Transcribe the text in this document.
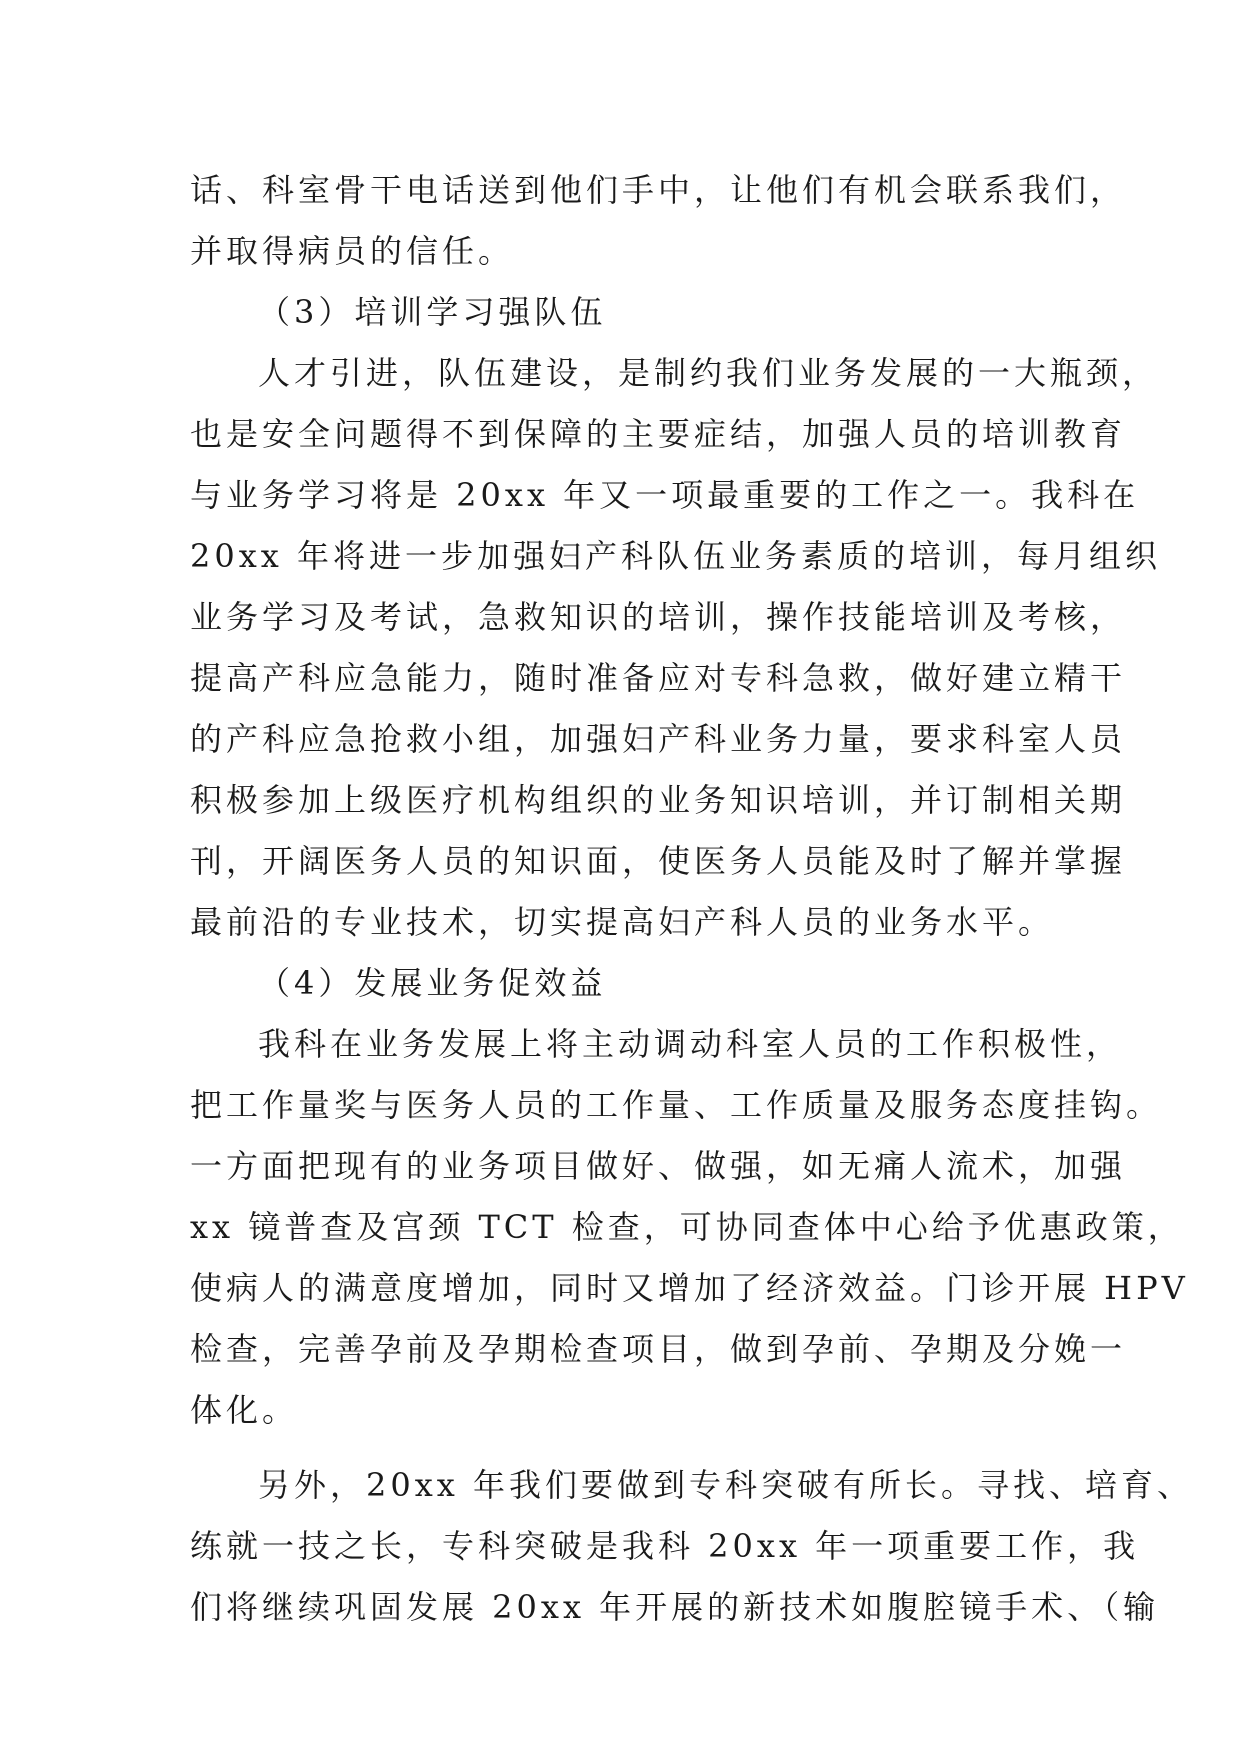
话、科室骨干电话送到他们手中，让他们有机会联系我们，
并取得病员的信任。
（3）培训学习强队伍
人才引进，队伍建设，是制约我们业务发展的一大瓶颈，
也是安全问题得不到保障的主要症结，加强人员的培训教育
与业务学习将是 20xx 年又一项最重要的工作之一。我科在
20xx 年将进一步加强妇产科队伍业务素质的培训，每月组织
业务学习及考试，急救知识的培训，操作技能培训及考核，
提高产科应急能力，随时准备应对专科急救，做好建立精干
的产科应急抢救小组，加强妇产科业务力量，要求科室人员
积极参加上级医疗机构组织的业务知识培训，并订制相关期
刊，开阔医务人员的知识面，使医务人员能及时了解并掌握
最前沿的专业技术，切实提高妇产科人员的业务水平。
（4）发展业务促效益
我科在业务发展上将主动调动科室人员的工作积极性，
把工作量奖与医务人员的工作量、工作质量及服务态度挂钩。
一方面把现有的业务项目做好、做强，如无痛人流术，加强
xx 镜普查及宫颈 TCT 检查，可协同查体中心给予优惠政策，
使病人的满意度增加，同时又增加了经济效益。门诊开展 HPV
检查，完善孕前及孕期检查项目，做到孕前、孕期及分娩一
体化。
另外，20xx 年我们要做到专科突破有所长。寻找、培育、
练就一技之长，专科突破是我科 20xx 年一项重要工作，我
们将继续巩固发展 20xx 年开展的新技术如腹腔镜手术、（输
